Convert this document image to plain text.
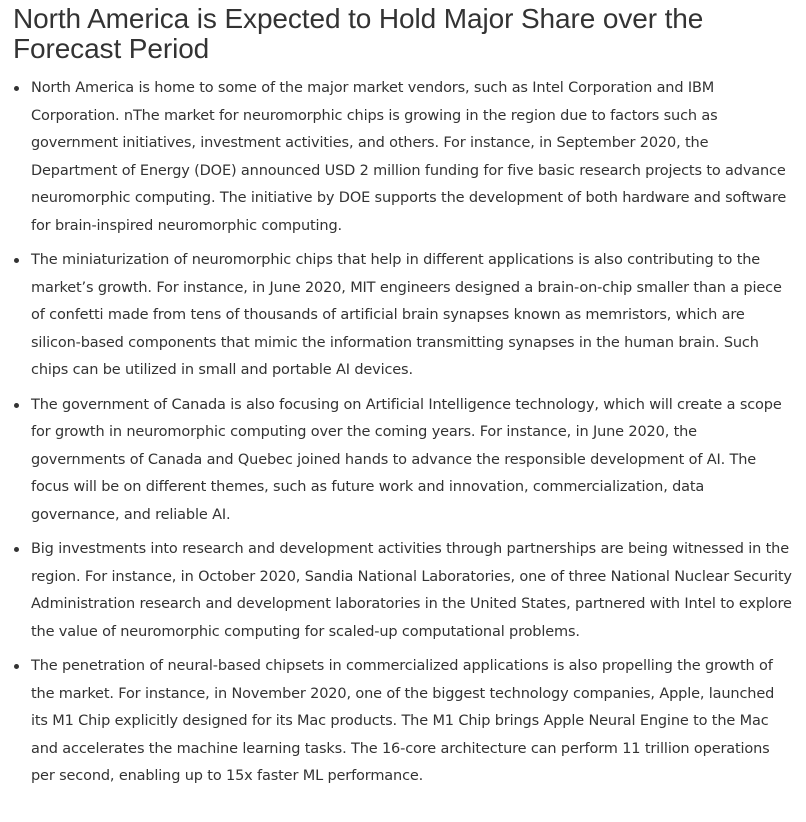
North America is Expected to Hold Major Share over the Forecast Period
North America is home to some of the major market vendors, such as Intel Corporation and IBM Corporation. nThe market for neuromorphic chips is growing in the region due to factors such as government initiatives, investment activities, and others. For instance, in September 2020, the Department of Energy (DOE) announced USD 2 million funding for five basic research projects to advance neuromorphic computing. The initiative by DOE supports the development of both hardware and software for brain-inspired neuromorphic computing.
The miniaturization of neuromorphic chips that help in different applications is also contributing to the market’s growth. For instance, in June 2020, MIT engineers designed a brain-on-chip smaller than a piece of confetti made from tens of thousands of artificial brain synapses known as memristors, which are silicon-based components that mimic the information transmitting synapses in the human brain. Such chips can be utilized in small and portable AI devices.
The government of Canada is also focusing on Artificial Intelligence technology, which will create a scope for growth in neuromorphic computing over the coming years. For instance, in June 2020, the governments of Canada and Quebec joined hands to advance the responsible development of AI. The focus will be on different themes, such as future work and innovation, commercialization, data governance, and reliable AI.
Big investments into research and development activities through partnerships are being witnessed in the region. For instance, in October 2020, Sandia National Laboratories, one of three National Nuclear Security Administration research and development laboratories in the United States, partnered with Intel to explore the value of neuromorphic computing for scaled-up computational problems.
The penetration of neural-based chipsets in commercialized applications is also propelling the growth of the market. For instance, in November 2020, one of the biggest technology companies, Apple, launched its M1 Chip explicitly designed for its Mac products. The M1 Chip brings Apple Neural Engine to the Mac and accelerates the machine learning tasks. The 16-core architecture can perform 11 trillion operations per second, enabling up to 15x faster ML performance.
